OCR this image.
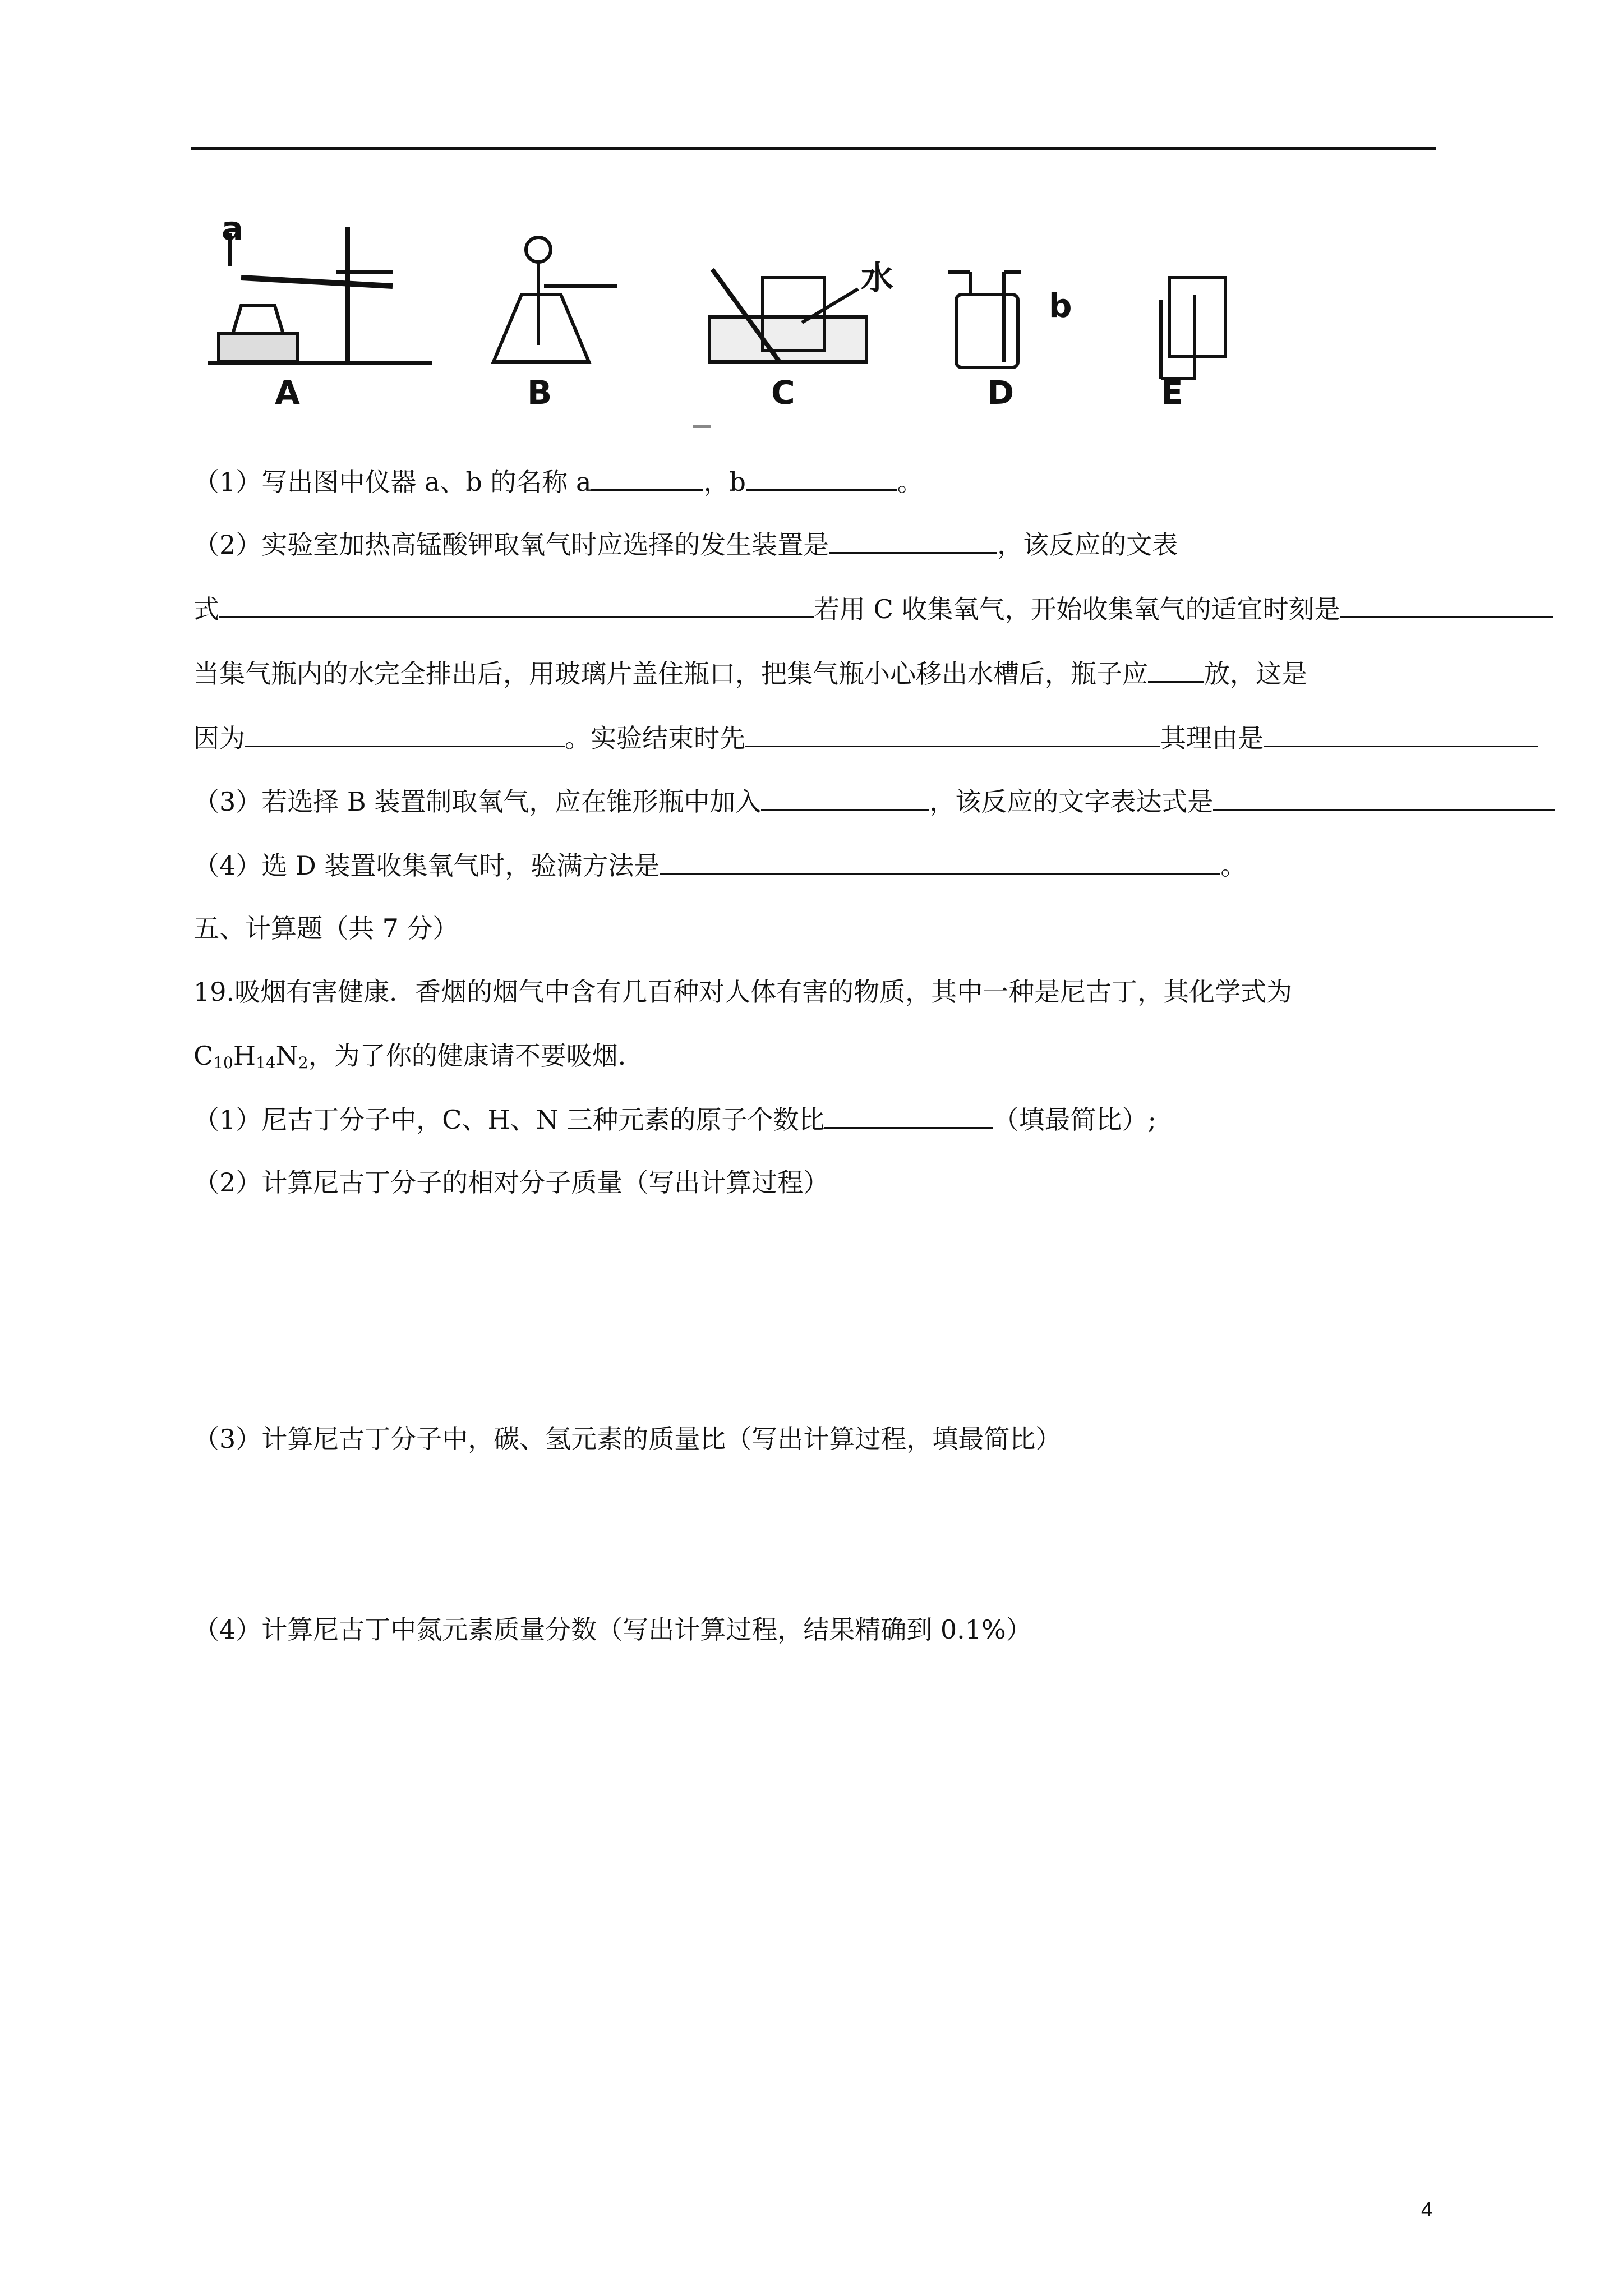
a
A	B
水
C
b
D	E
（1）写出图中仪器 a、b 的名称 a	，b	。
（2）实验室加热高锰酸钾取氧气时应选择的发生装置是	，该反应的文表
式	若用 C 收集氧气，开始收集氧气的适宜时刻是
当集气瓶内的水完全排出后，用玻璃片盖住瓶口，把集气瓶小心移出水槽后，瓶子应 放，这是
因为	。实验结束时先	其理由是
（3）若选择 B 装置制取氧气，应在锥形瓶中加入	，该反应的文字表达式是
（4）选 D 装置收集氧气时，验满方法是	。
五、计算题（共 7 分）
19.吸烟有害健康．香烟的烟气中含有几百种对人体有害的物质，其中一种是尼古丁，其化学式为
$C_{10}H_{14}N_2$，为了你的健康请不要吸烟．
（1）尼古丁分子中，C、H、N 三种元素的原子个数比	（填最简比）;
（2）计算尼古丁分子的相对分子质量（写出计算过程）
（3）计算尼古丁分子中，碳、氢元素的质量比（写出计算过程，填最简比）
（4）计算尼古丁中氮元素质量分数（写出计算过程，结果精确到 0.1%）
4
